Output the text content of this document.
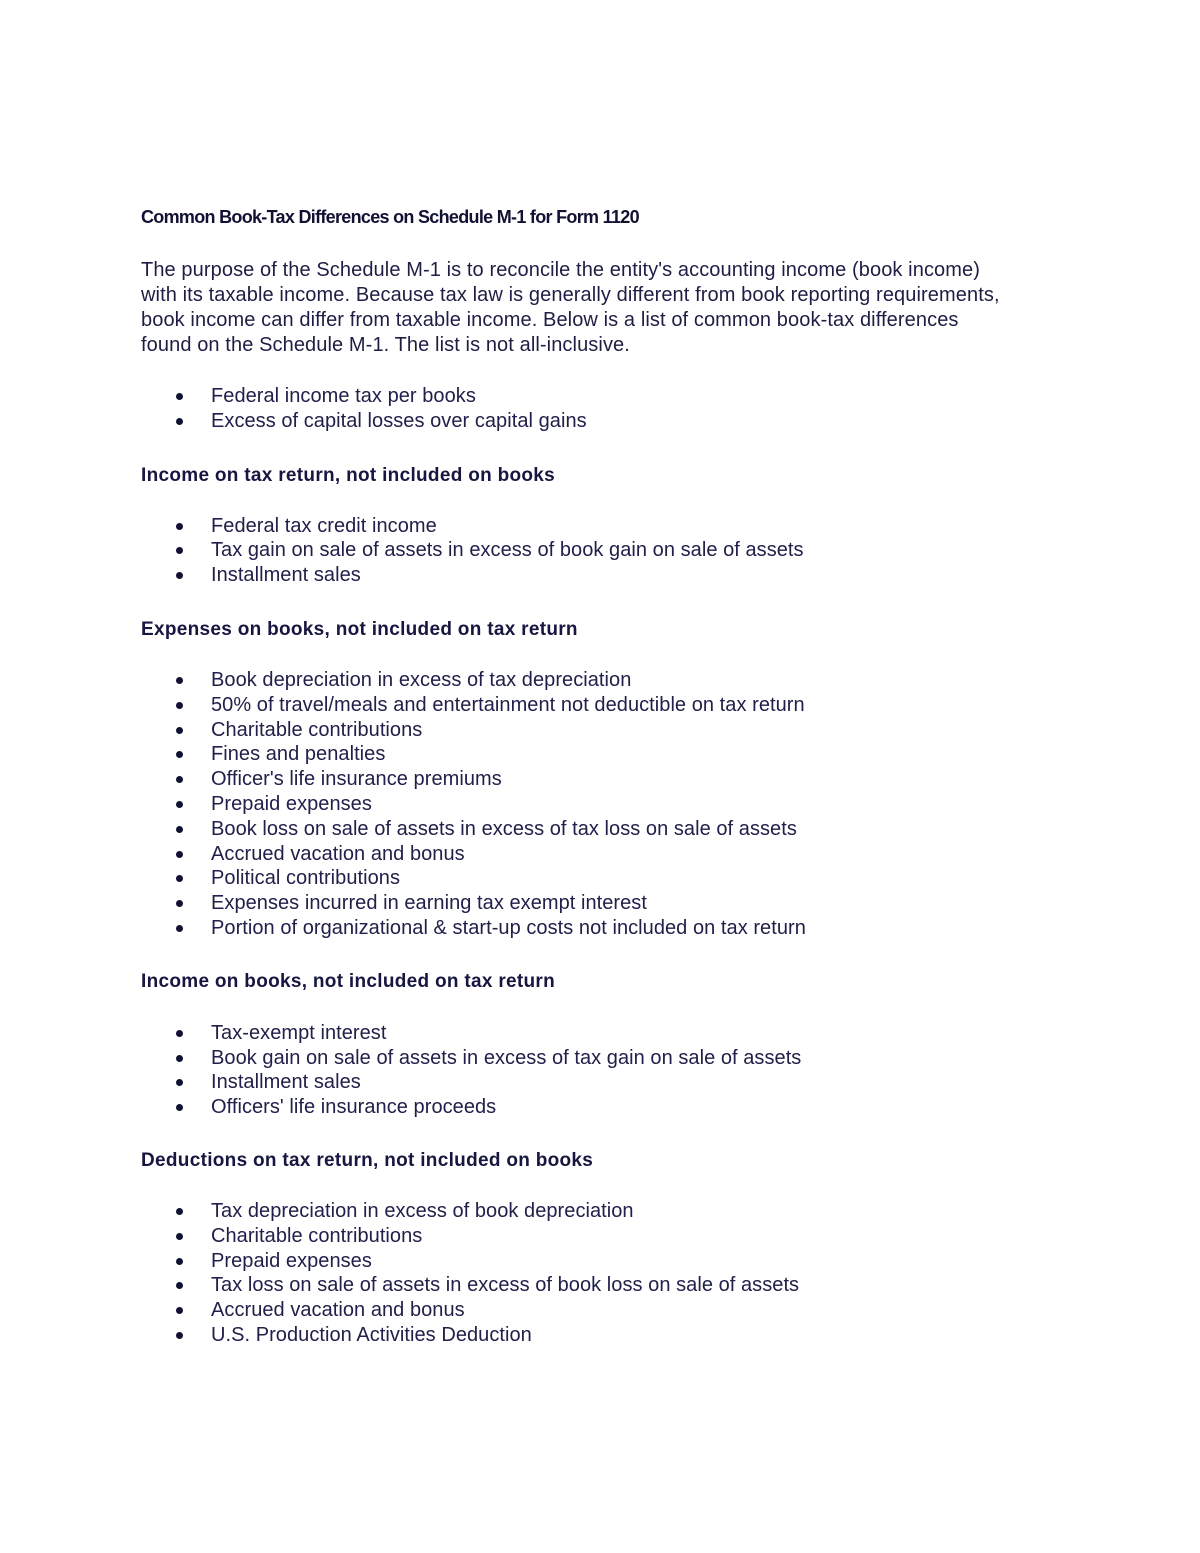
Common Book-Tax Differences on Schedule M-1 for Form 1120

The purpose of the Schedule M-1 is to reconcile the entity's accounting income (book income)
with its taxable income. Because tax law is generally different from book reporting requirements,
book income can differ from taxable income. Below is a list of common book-tax differences
found on the Schedule M-1. The list is not all-inclusive.

Federal income tax per books
Excess of capital losses over capital gains
Income on tax return, not included on books
Federal tax credit income
Tax gain on sale of assets in excess of book gain on sale of assets
Installment sales
Expenses on books, not included on tax return
Book depreciation in excess of tax depreciation
50% of travel/meals and entertainment not deductible on tax return
Charitable contributions
Fines and penalties
Officer's life insurance premiums
Prepaid expenses
Book loss on sale of assets in excess of tax loss on sale of assets
Accrued vacation and bonus
Political contributions
Expenses incurred in earning tax exempt interest
Portion of organizational & start-up costs not included on tax return
Income on books, not included on tax return
Tax-exempt interest
Book gain on sale of assets in excess of tax gain on sale of assets
Installment sales
Officers' life insurance proceeds
Deductions on tax return, not included on books
Tax depreciation in excess of book depreciation
Charitable contributions
Prepaid expenses
Tax loss on sale of assets in excess of book loss on sale of assets
Accrued vacation and bonus
U.S. Production Activities Deduction
